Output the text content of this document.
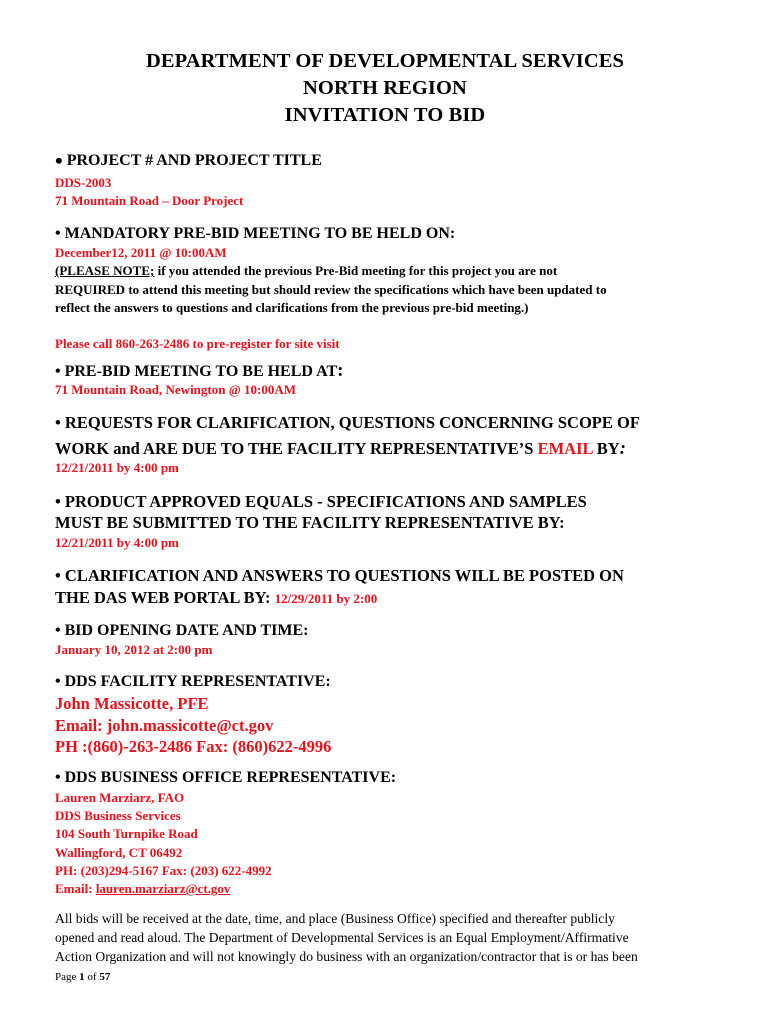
DEPARTMENT OF DEVELOPMENTAL SERVICES
NORTH REGION
INVITATION TO BID
• PROJECT # AND PROJECT TITLE
DDS-2003
71 Mountain Road – Door Project
• MANDATORY PRE-BID MEETING TO BE HELD ON:
December12, 2011 @ 10:00AM
(PLEASE NOTE; if you attended the previous Pre-Bid meeting for this project you are not
REQUIRED to attend this meeting but should review the specifications which have been updated to
reflect the answers to questions and clarifications from the previous pre-bid meeting.)
Please call 860-263-2486 to pre-register for site visit
• PRE-BID MEETING TO BE HELD AT:
71 Mountain Road, Newington @ 10:00AM
• REQUESTS FOR CLARIFICATION, QUESTIONS CONCERNING SCOPE OF
WORK and ARE DUE TO THE FACILITY REPRESENTATIVE’S EMAIL BY:
12/21/2011 by 4:00 pm
• PRODUCT APPROVED EQUALS - SPECIFICATIONS AND SAMPLES
MUST BE SUBMITTED TO THE FACILITY REPRESENTATIVE BY:
12/21/2011 by 4:00 pm
• CLARIFICATION AND ANSWERS TO QUESTIONS WILL BE POSTED ON
THE DAS WEB PORTAL BY: 12/29/2011 by 2:00
• BID OPENING DATE AND TIME:
January 10, 2012 at 2:00 pm
• DDS FACILITY REPRESENTATIVE:
John Massicotte, PFE
Email: john.massicotte@ct.gov
PH :(860)-263-2486 Fax: (860)622-4996
• DDS BUSINESS OFFICE REPRESENTATIVE:
Lauren Marziarz, FAO
DDS Business Services
104 South Turnpike Road
Wallingford, CT 06492
PH: (203)294-5167 Fax: (203) 622-4992
Email: lauren.marziarz@ct.gov
All bids will be received at the date, time, and place (Business Office) specified and thereafter publicly
opened and read aloud. The Department of Developmental Services is an Equal Employment/Affirmative
Action Organization and will not knowingly do business with an organization/contractor that is or has been
Page 1 of 57
